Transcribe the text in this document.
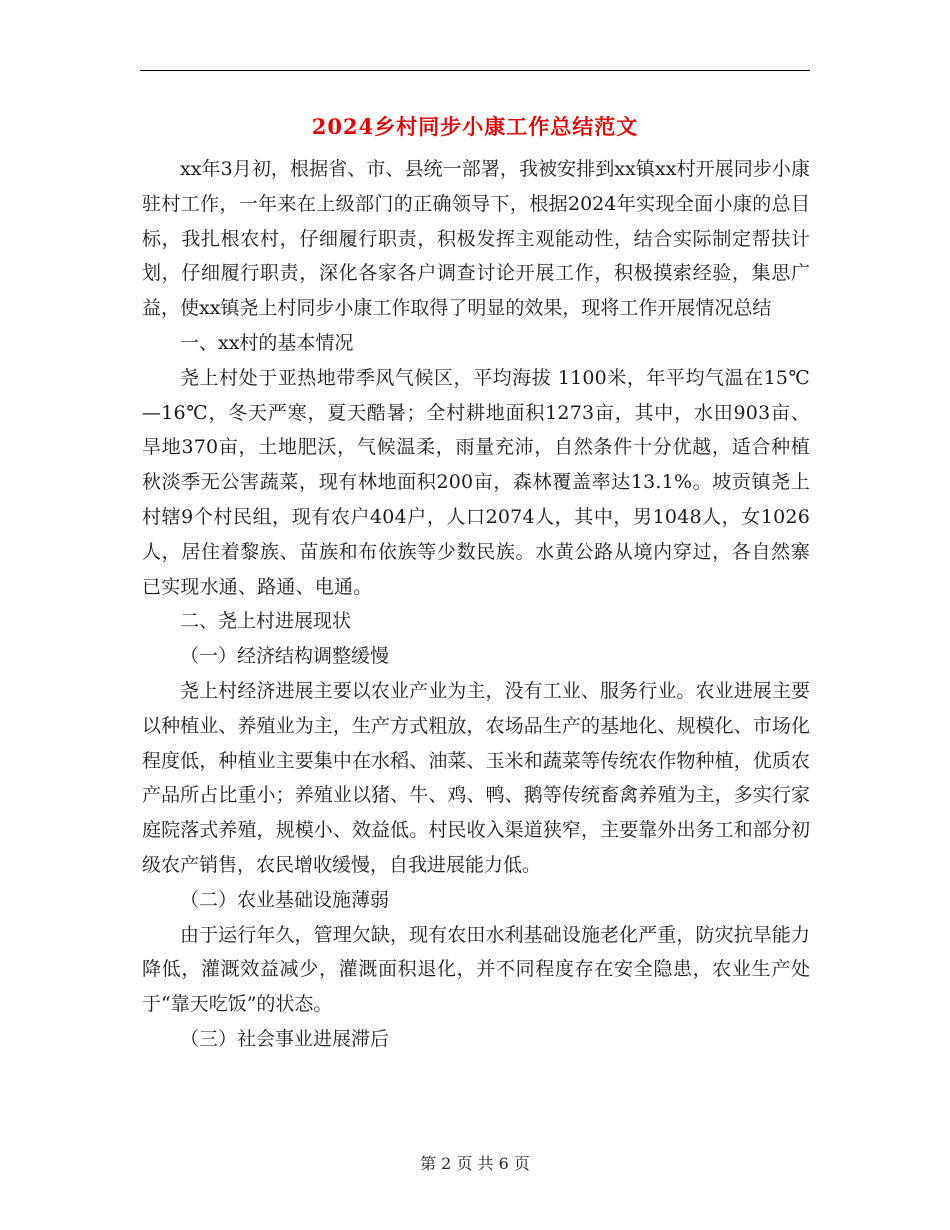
2024乡村同步小康工作总结范文

xx年3月初，根据省、市、县统一部署，我被安排到xx镇xx村开展同步小康驻村工作，一年来在上级部门的正确领导下，根据2024年实现全面小康的总目标，我扎根农村，仔细履行职责，积极发挥主观能动性，结合实际制定帮扶计划，仔细履行职责，深化各家各户调查讨论开展工作，积极摸索经验，集思广益，使xx镇尧上村同步小康工作取得了明显的效果，现将工作开展情况总结

一、xx村的基本情况

尧上村处于亚热地带季风气候区，平均海拔 1100米，年平均气温在15℃—16℃，冬天严寒，夏天酷暑；全村耕地面积1273亩，其中，水田903亩、旱地370亩，土地肥沃，气候温柔，雨量充沛，自然条件十分优越，适合种植秋淡季无公害蔬菜，现有林地面积200亩，森林覆盖率达13.1%。坡贡镇尧上村辖9个村民组，现有农户404户，人口2074人，其中，男1048人，女1026人，居住着黎族、苗族和布依族等少数民族。水黄公路从境内穿过，各自然寨已实现水通、路通、电通。

二、尧上村进展现状

（一）经济结构调整缓慢

尧上村经济进展主要以农业产业为主，没有工业、服务行业。农业进展主要以种植业、养殖业为主，生产方式粗放，农场品生产的基地化、规模化、市场化程度低，种植业主要集中在水稻、油菜、玉米和蔬菜等传统农作物种植，优质农产品所占比重小；养殖业以猪、牛、鸡、鸭、鹅等传统畜禽养殖为主，多实行家庭院落式养殖，规模小、效益低。村民收入渠道狭窄，主要靠外出务工和部分初级农产销售，农民增收缓慢，自我进展能力低。

（二）农业基础设施薄弱

由于运行年久，管理欠缺，现有农田水利基础设施老化严重，防灾抗旱能力降低，灌溉效益减少，灌溉面积退化，并不同程度存在安全隐患，农业生产处于“靠天吃饭”的状态。

（三）社会事业进展滞后

第 2 页 共 6 页
